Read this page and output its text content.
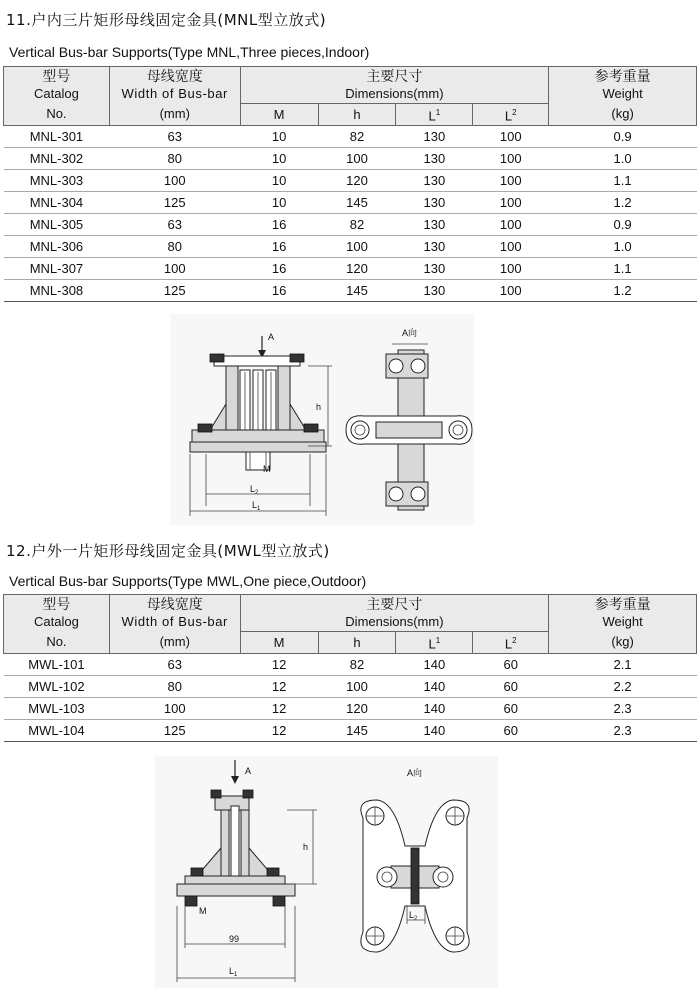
11.户内三片矩形母线固定金具(MNL型立放式)
Vertical Bus-bar Supports(Type MNL,Three pieces,Indoor)
型号	母线宽度	主要尺寸				参考重量
Catalog	Width of Bus-bar	Dimensions(mm)				Weight
No.	(mm)	M	h	$L^1$	$L^2$	(kg)
MNL-301	63	10	82	130	100	0.9
MNL-302	80	10	100	130	100	1.0
MNL-303	100	10	120	130	100	1.1
MNL-304	125	10	145	130	100	1.2
MNL-305	63	16	82	130	100	0.9
MNL-306	80	16	100	130	100	1.0
MNL-307	100	16	120	130	100	1.1
MNL-308	125	16	145	130	100	1.2
A
M
h
$L_2$
$L_1$
A向
12.户外一片矩形母线固定金具(MWL型立放式)
Vertical Bus-bar Supports(Type MWL,One piece,Outdoor)
型号	母线宽度	主要尺寸				参考重量
Catalog	Width of Bus-bar	Dimensions(mm)				Weight
No.	(mm)	M	h	$L^1$	$L^2$	(kg)
MWL-101	63	12	82	140	60	2.1
MWL-102	80	12	100	140	60	2.2
MWL-103	100	12	120	140	60	2.3
MWL-104	125	12	145	140	60	2.3
A
M
h
99
$L_1$
A向
$L_2$
